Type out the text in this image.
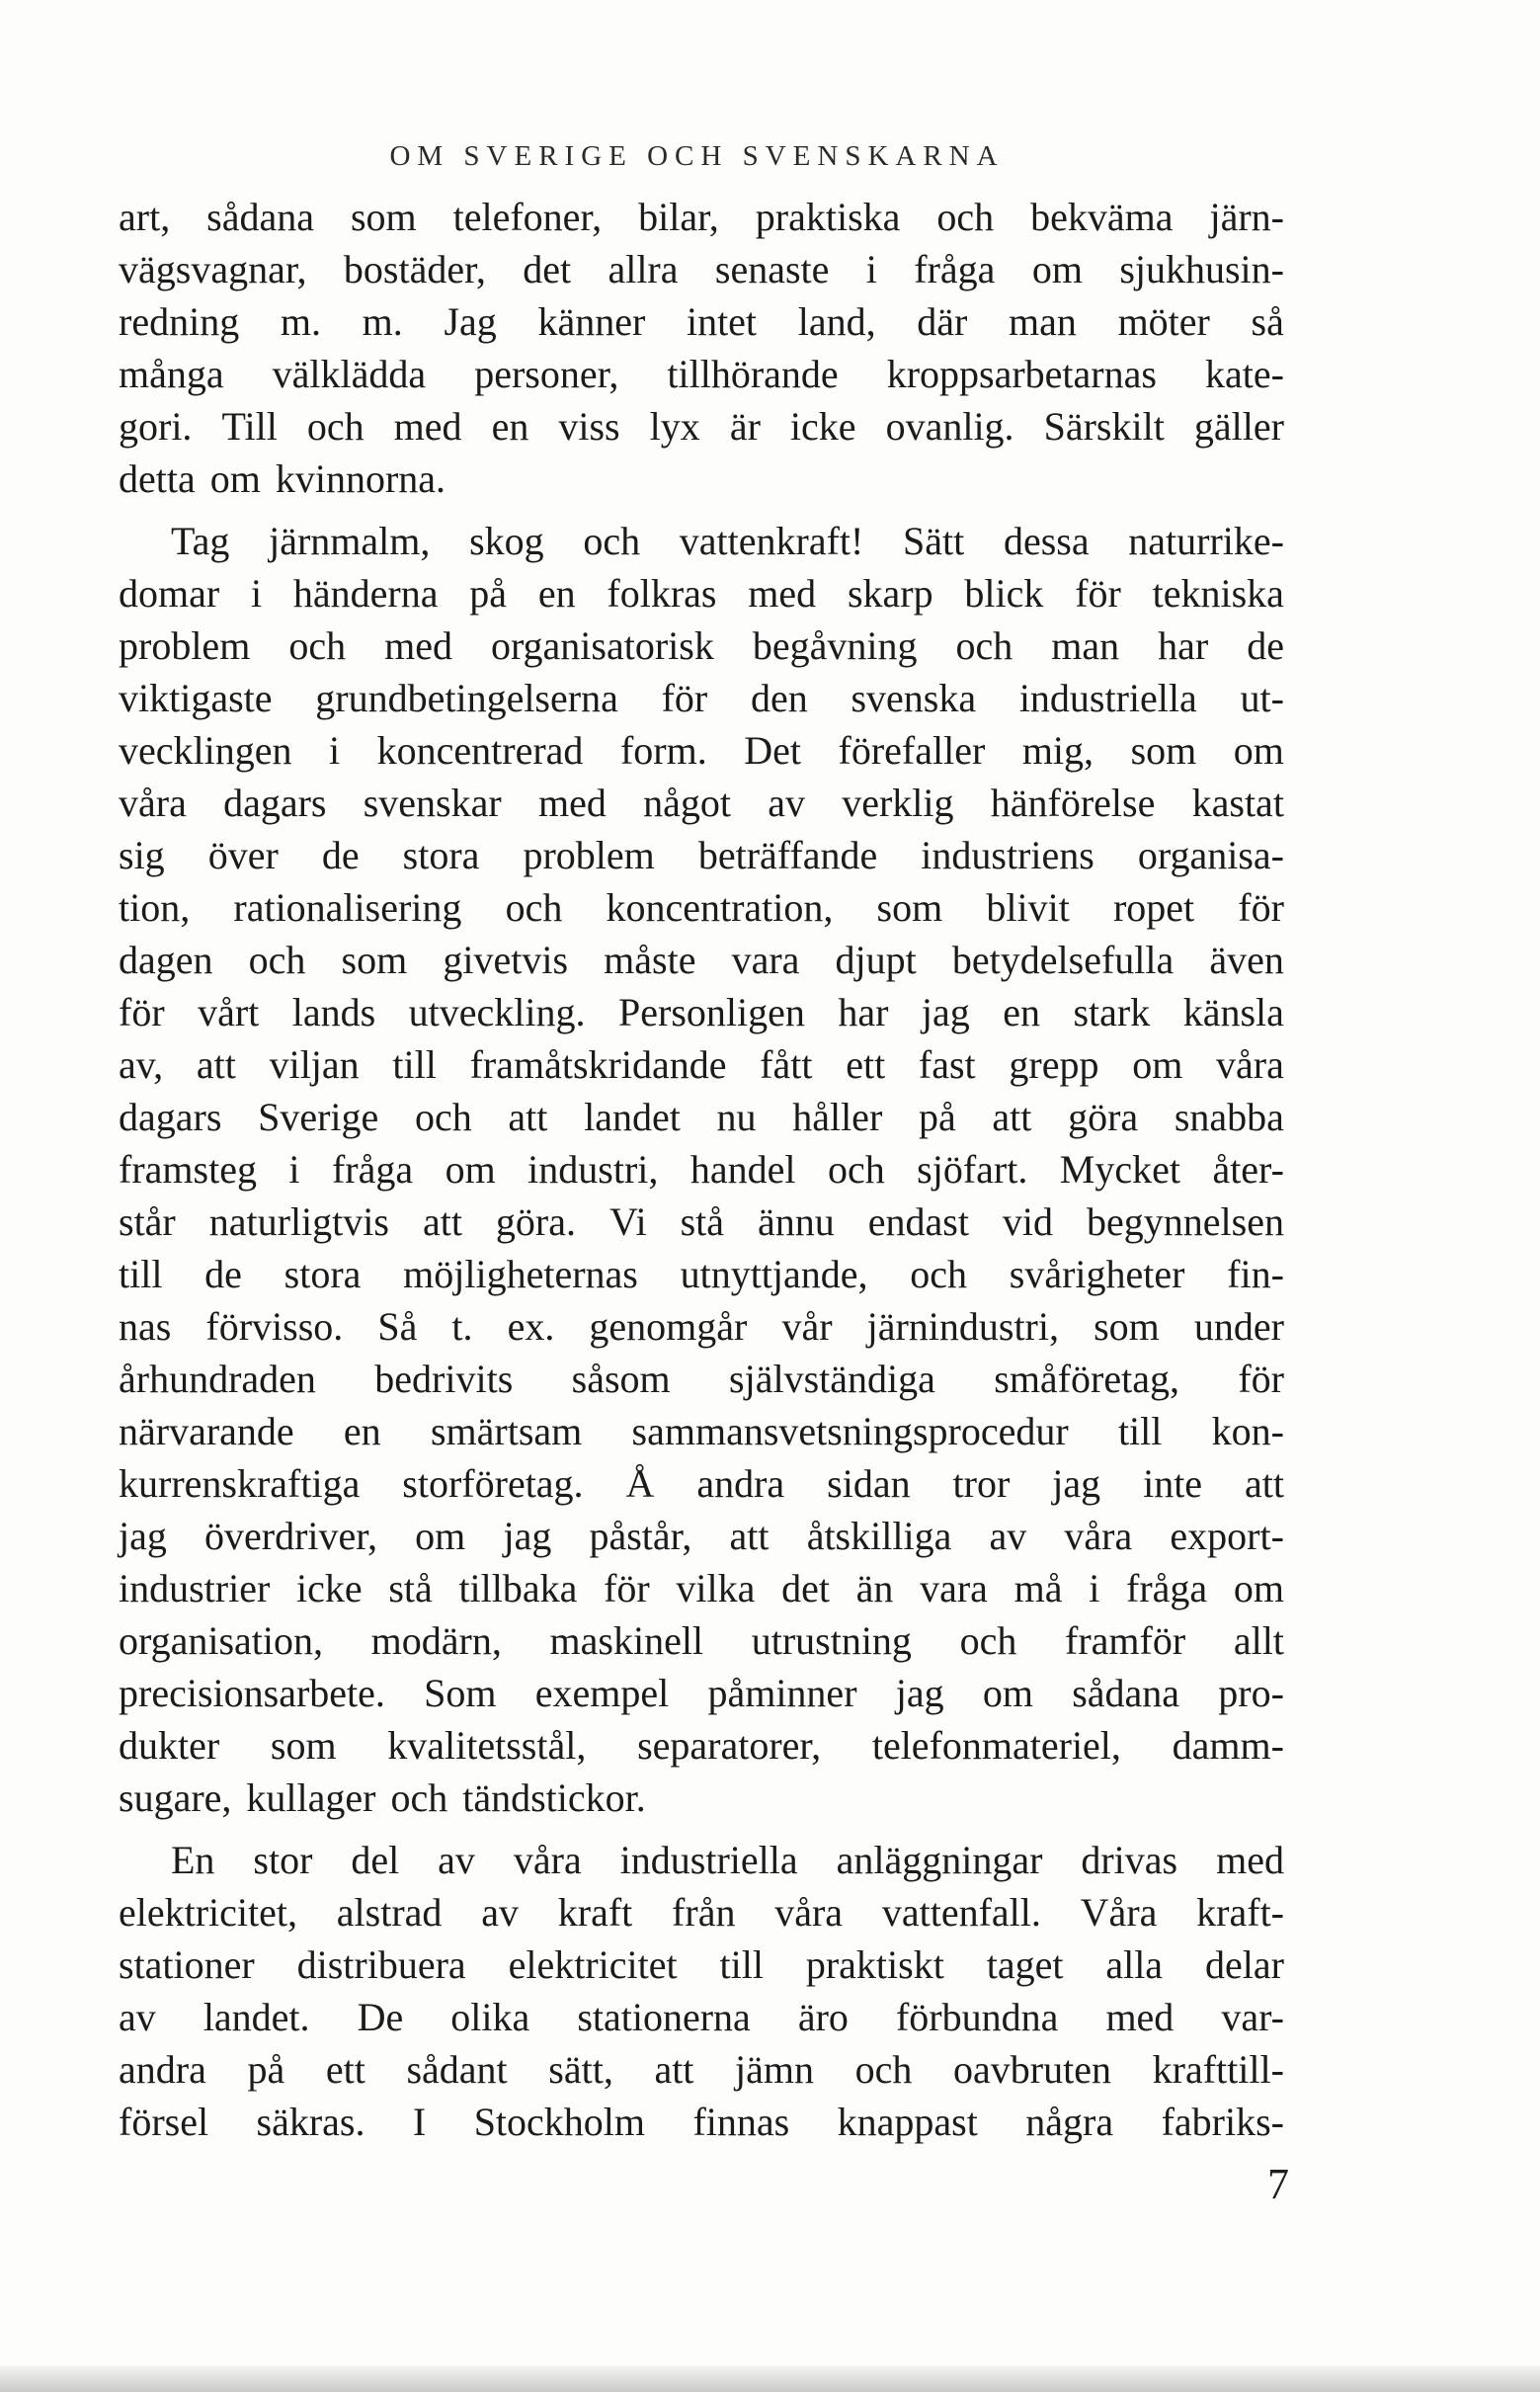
OM SVERIGE OCH SVENSKARNA
art, sådana som telefoner, bilar, praktiska och bekväma järn-
vägsvagnar, bostäder, det allra senaste i fråga om sjukhusin-
redning m. m. Jag känner intet land, där man möter så
många välklädda personer, tillhörande kroppsarbetarnas kate-
gori. Till och med en viss lyx är icke ovanlig. Särskilt gäller
detta om kvinnorna.
Tag järnmalm, skog och vattenkraft! Sätt dessa naturrike-
domar i händerna på en folkras med skarp blick för tekniska
problem och med organisatorisk begåvning och man har de
viktigaste grundbetingelserna för den svenska industriella ut-
vecklingen i koncentrerad form. Det förefaller mig, som om
våra dagars svenskar med något av verklig hänförelse kastat
sig över de stora problem beträffande industriens organisa-
tion, rationalisering och koncentration, som blivit ropet för
dagen och som givetvis måste vara djupt betydelsefulla även
för vårt lands utveckling. Personligen har jag en stark känsla
av, att viljan till framåtskridande fått ett fast grepp om våra
dagars Sverige och att landet nu håller på att göra snabba
framsteg i fråga om industri, handel och sjöfart. Mycket åter-
står naturligtvis att göra. Vi stå ännu endast vid begynnelsen
till de stora möjligheternas utnyttjande, och svårigheter fin-
nas förvisso. Så t. ex. genomgår vår järnindustri, som under
århundraden bedrivits såsom självständiga småföretag, för
närvarande en smärtsam sammansvetsningsprocedur till kon-
kurrenskraftiga storföretag. Å andra sidan tror jag inte att
jag överdriver, om jag påstår, att åtskilliga av våra export-
industrier icke stå tillbaka för vilka det än vara må i fråga om
organisation, modärn, maskinell utrustning och framför allt
precisionsarbete. Som exempel påminner jag om sådana pro-
dukter som kvalitetsstål, separatorer, telefonmateriel, damm-
sugare, kullager och tändstickor.
En stor del av våra industriella anläggningar drivas med
elektricitet, alstrad av kraft från våra vattenfall. Våra kraft-
stationer distribuera elektricitet till praktiskt taget alla delar
av landet. De olika stationerna äro förbundna med var-
andra på ett sådant sätt, att jämn och oavbruten krafttill-
försel säkras. I Stockholm finnas knappast några fabriks-
7
